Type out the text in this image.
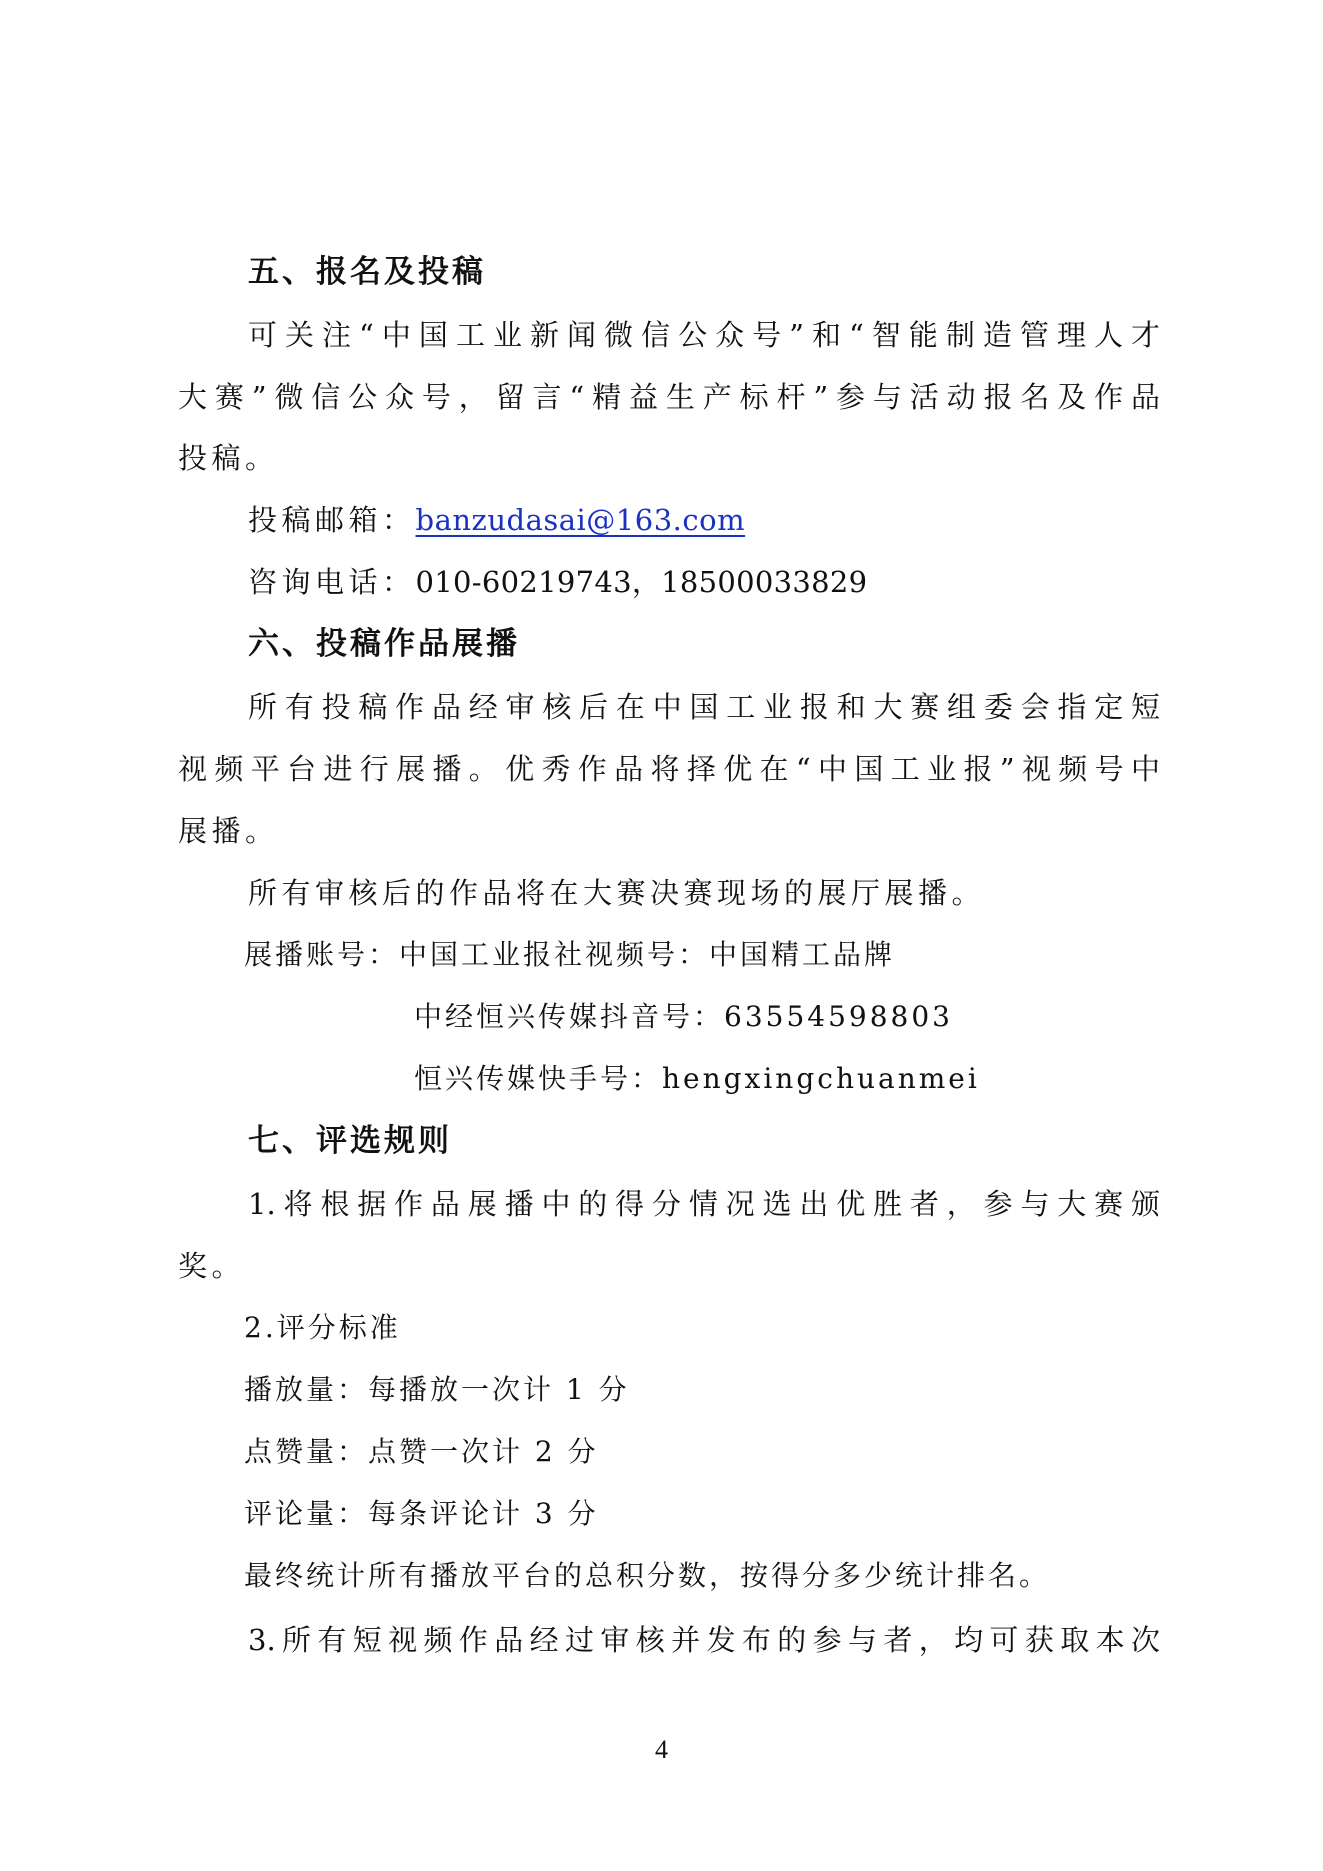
五、报名及投稿
可关注“中国工业新闻微信公众号”和“智能制造管理人才
大赛”微信公众号，留言“精益生产标杆”参与活动报名及作品
投稿。
投稿邮箱：banzudasai@163.com
咨询电话：010-60219743，18500033829
六、投稿作品展播
所有投稿作品经审核后在中国工业报和大赛组委会指定短
视频平台进行展播。优秀作品将择优在“中国工业报”视频号中
展播。
所有审核后的作品将在大赛决赛现场的展厅展播。
展播账号：中国工业报社视频号：中国精工品牌
中经恒兴传媒抖音号：63554598803
恒兴传媒快手号：hengxingchuanmei
七、评选规则
1.将根据作品展播中的得分情况选出优胜者，参与大赛颁
奖。
2.评分标准
播放量：每播放一次计 1 分
点赞量：点赞一次计 2 分
评论量：每条评论计 3 分
最终统计所有播放平台的总积分数，按得分多少统计排名。
3.所有短视频作品经过审核并发布的参与者，均可获取本次
4
